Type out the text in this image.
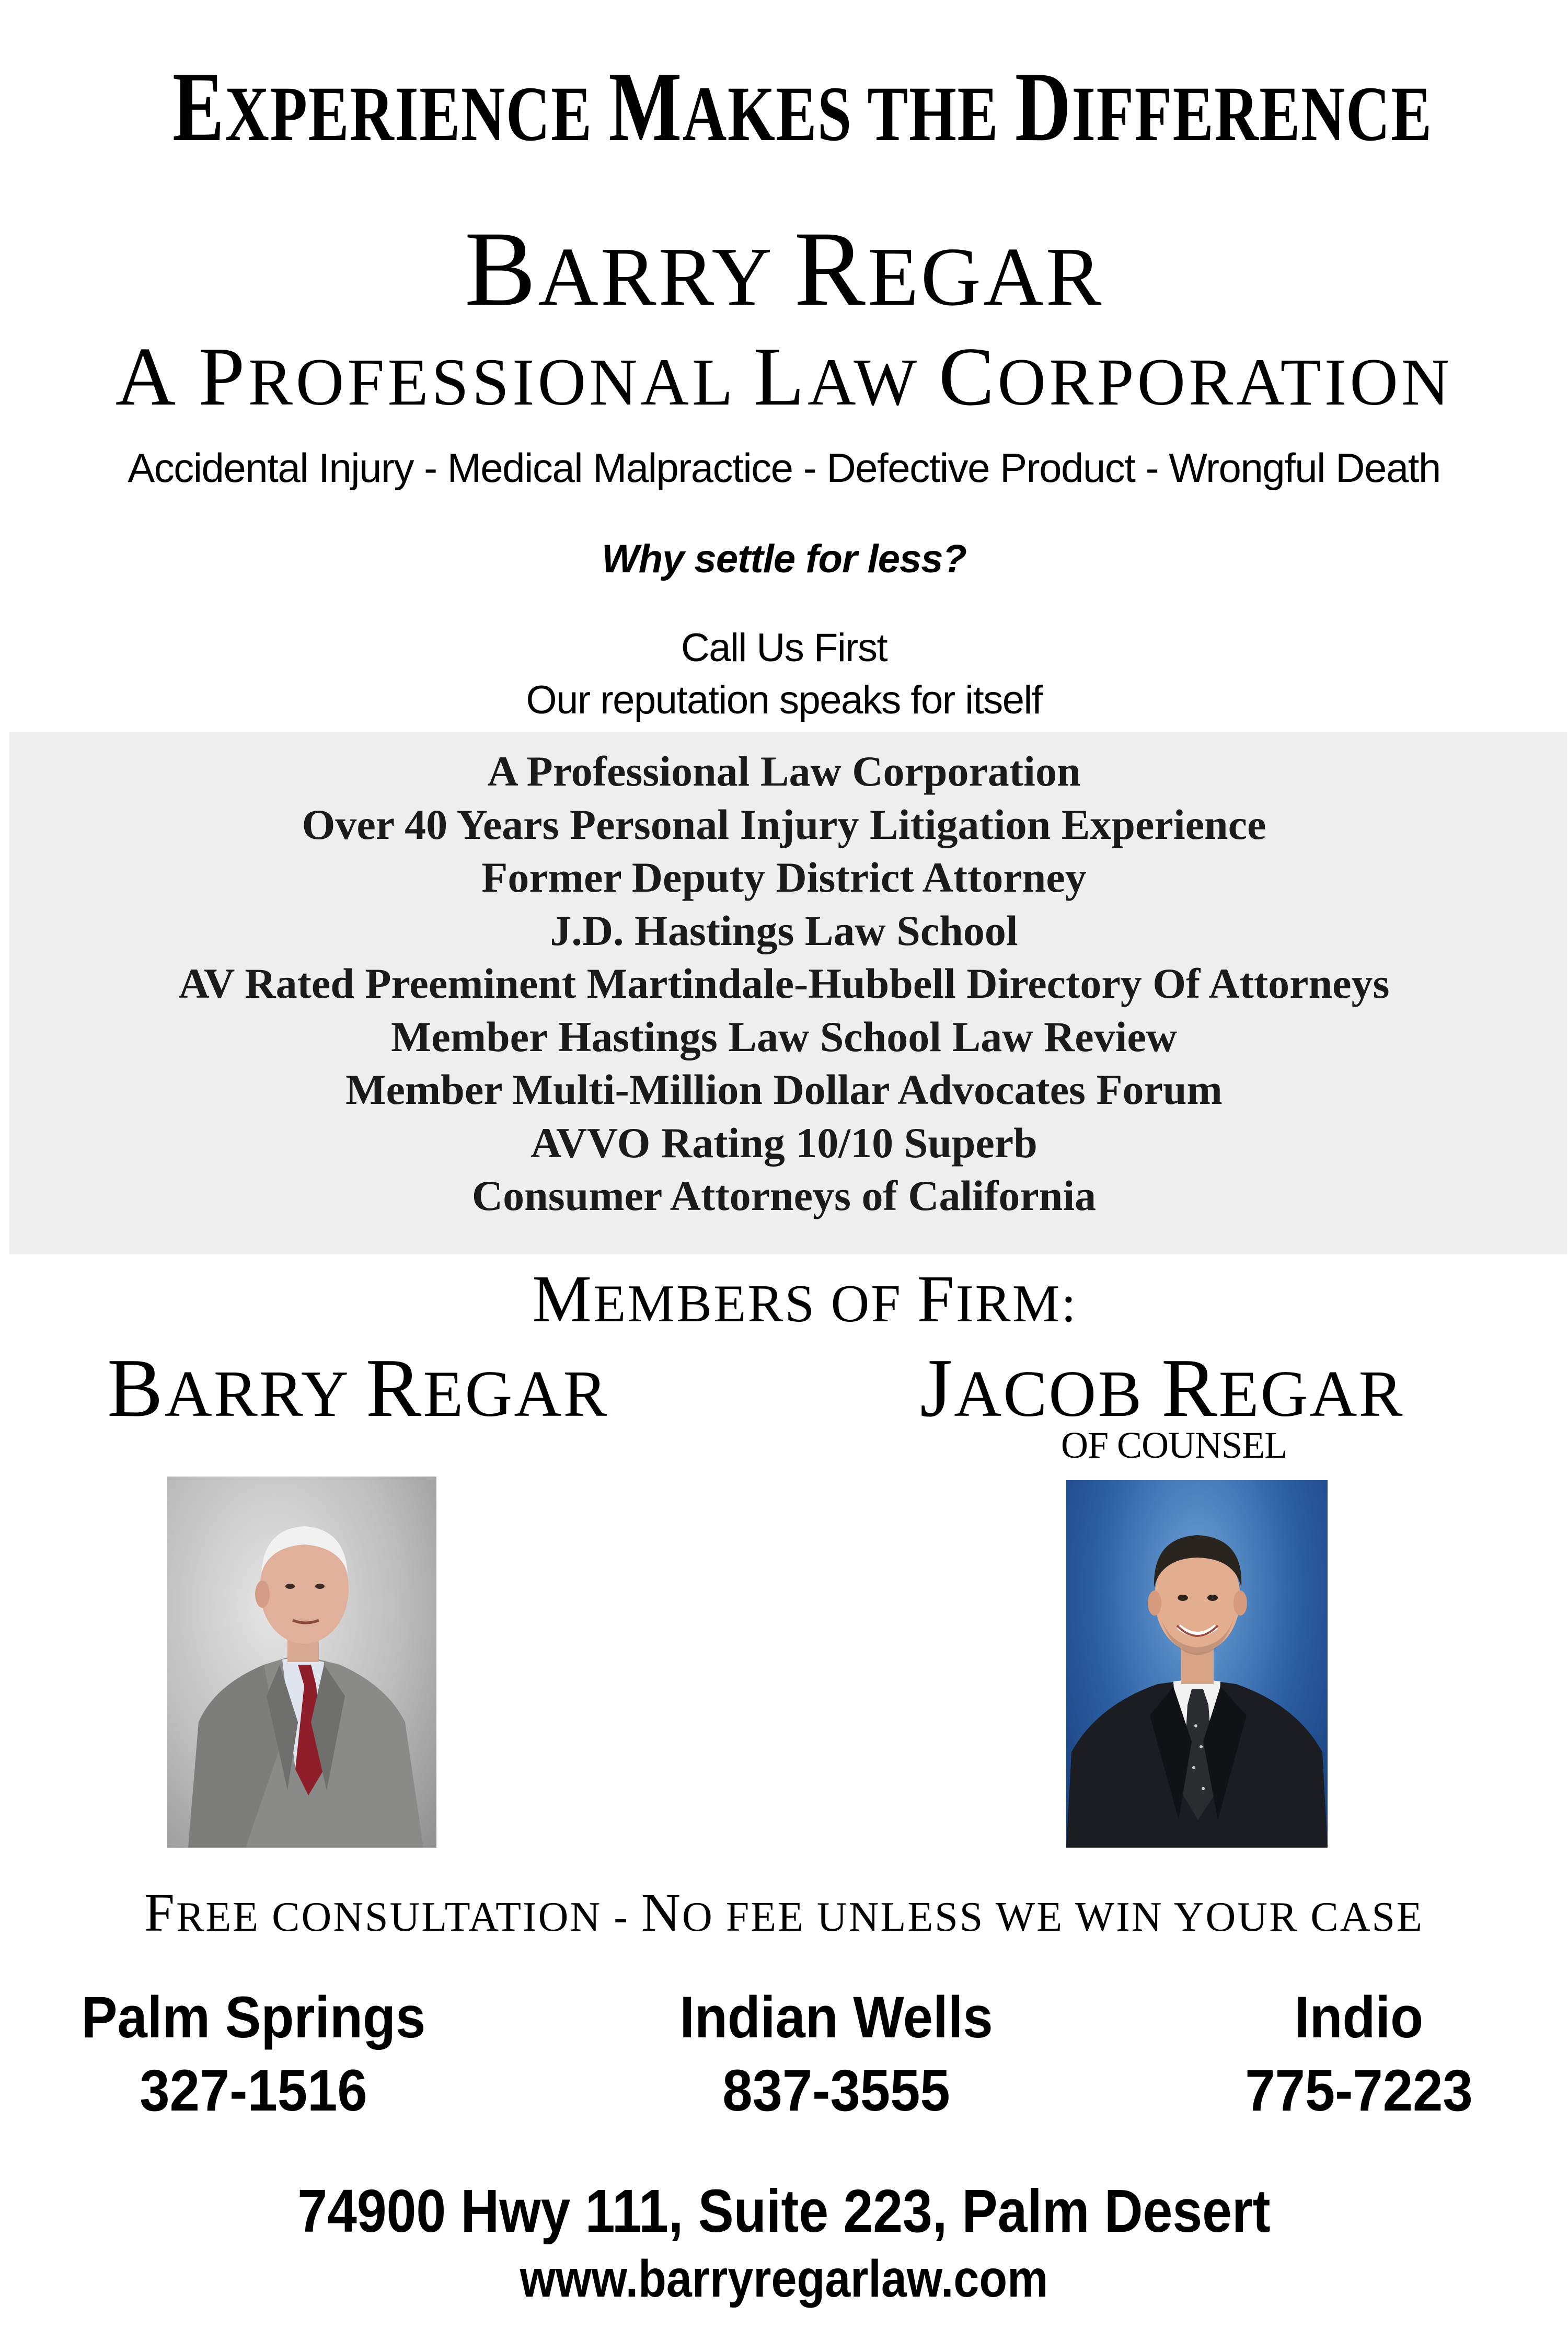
EXPERIENCE MAKES THE DIFFERENCE
BARRY REGAR
A PROFESSIONAL LAW CORPORATION
Accidental Injury - Medical Malpractice - Defective Product - Wrongful Death
Why settle for less?
Call Us First
Our reputation speaks for itself
A Professional Law Corporation
Over 40 Years Personal Injury Litigation Experience
Former Deputy District Attorney
J.D. Hastings Law School
AV Rated Preeminent Martindale-Hubbell Directory Of Attorneys
Member Hastings Law School Law Review
Member Multi-Million Dollar Advocates Forum
AVVO Rating 10/10 Superb
Consumer Attorneys of California
MEMBERS OF FIRM:
BARRY REGAR	JACOB REGAR
OF COUNSEL
FREE CONSULTATION - NO FEE UNLESS WE WIN YOUR CASE
Palm Springs
327-1516
Indian Wells
837-3555
Indio
775-7223
74900 Hwy 111, Suite 223, Palm Desert
www.barryregarlaw.com
